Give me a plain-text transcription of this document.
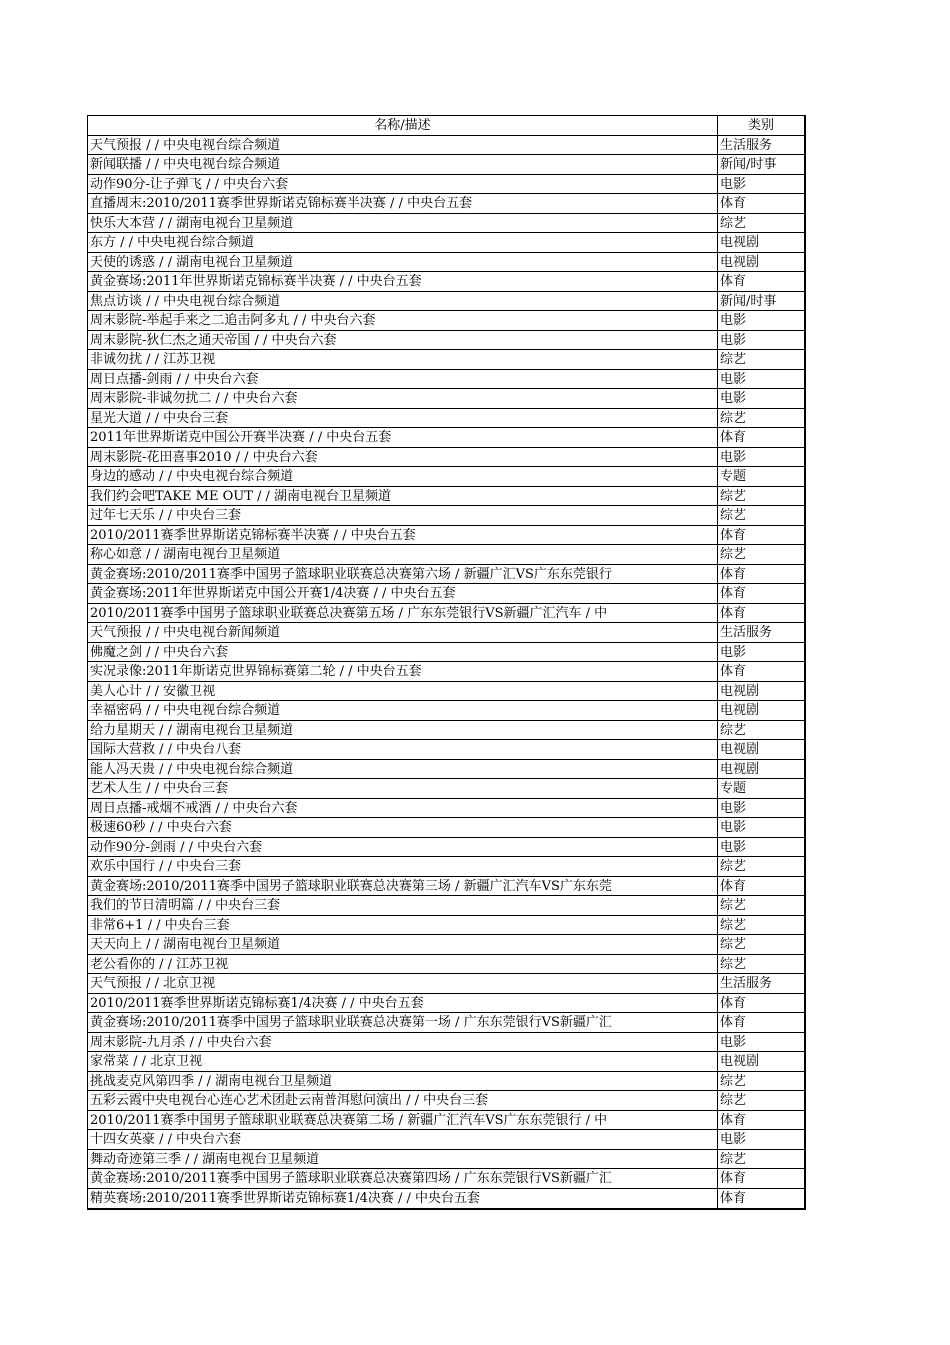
名称/描述	类别
天气预报 / / 中央电视台综合频道	生活服务
新闻联播 / / 中央电视台综合频道	新闻/时事
动作90分-让子弹飞 / / 中央台六套	电影
直播周末:2010/2011赛季世界斯诺克锦标赛半决赛 / / 中央台五套	体育
快乐大本营 / / 湖南电视台卫星频道	综艺
东方 / / 中央电视台综合频道	电视剧
天使的诱惑 / / 湖南电视台卫星频道	电视剧
黄金赛场:2011年世界斯诺克锦标赛半决赛 / / 中央台五套	体育
焦点访谈 / / 中央电视台综合频道	新闻/时事
周末影院-举起手来之二追击阿多丸 / / 中央台六套	电影
周末影院-狄仁杰之通天帝国 / / 中央台六套	电影
非诚勿扰 / / 江苏卫视	综艺
周日点播-剑雨 / / 中央台六套	电影
周末影院-非诚勿扰二 / / 中央台六套	电影
星光大道 / / 中央台三套	综艺
2011年世界斯诺克中国公开赛半决赛 / / 中央台五套	体育
周末影院-花田喜事2010 / / 中央台六套	电影
身边的感动 / / 中央电视台综合频道	专题
我们约会吧TAKE ME OUT / / 湖南电视台卫星频道	综艺
过年七天乐 / / 中央台三套	综艺
2010/2011赛季世界斯诺克锦标赛半决赛 / / 中央台五套	体育
称心如意 / / 湖南电视台卫星频道	综艺
黄金赛场:2010/2011赛季中国男子篮球职业联赛总决赛第六场 / 新疆广汇VS广东东莞银行	体育
黄金赛场:2011年世界斯诺克中国公开赛1/4决赛 / / 中央台五套	体育
2010/2011赛季中国男子篮球职业联赛总决赛第五场 / 广东东莞银行VS新疆广汇汽车 / 中	体育
天气预报 / / 中央电视台新闻频道	生活服务
佛魔之剑 / / 中央台六套	电影
实况录像:2011年斯诺克世界锦标赛第二轮 / / 中央台五套	体育
美人心计 / / 安徽卫视	电视剧
幸福密码 / / 中央电视台综合频道	电视剧
给力星期天 / / 湖南电视台卫星频道	综艺
国际大营救 / / 中央台八套	电视剧
能人冯天贵 / / 中央电视台综合频道	电视剧
艺术人生 / / 中央台三套	专题
周日点播-戒烟不戒酒 / / 中央台六套	电影
极速60秒 / / 中央台六套	电影
动作90分-剑雨 / / 中央台六套	电影
欢乐中国行 / / 中央台三套	综艺
黄金赛场:2010/2011赛季中国男子篮球职业联赛总决赛第三场 / 新疆广汇汽车VS广东东莞	体育
我们的节日清明篇 / / 中央台三套	综艺
非常6+1 / / 中央台三套	综艺
天天向上 / / 湖南电视台卫星频道	综艺
老公看你的 / / 江苏卫视	综艺
天气预报 / / 北京卫视	生活服务
2010/2011赛季世界斯诺克锦标赛1/4决赛 / / 中央台五套	体育
黄金赛场:2010/2011赛季中国男子篮球职业联赛总决赛第一场 / 广东东莞银行VS新疆广汇	体育
周末影院-九月杀 / / 中央台六套	电影
家常菜 / / 北京卫视	电视剧
挑战麦克风第四季 / / 湖南电视台卫星频道	综艺
五彩云霞中央电视台心连心艺术团赴云南普洱慰问演出 / / 中央台三套	综艺
2010/2011赛季中国男子篮球职业联赛总决赛第二场 / 新疆广汇汽车VS广东东莞银行 / 中	体育
十四女英豪 / / 中央台六套	电影
舞动奇迹第三季 / / 湖南电视台卫星频道	综艺
黄金赛场:2010/2011赛季中国男子篮球职业联赛总决赛第四场 / 广东东莞银行VS新疆广汇	体育
精英赛场:2010/2011赛季世界斯诺克锦标赛1/4决赛 / / 中央台五套	体育
